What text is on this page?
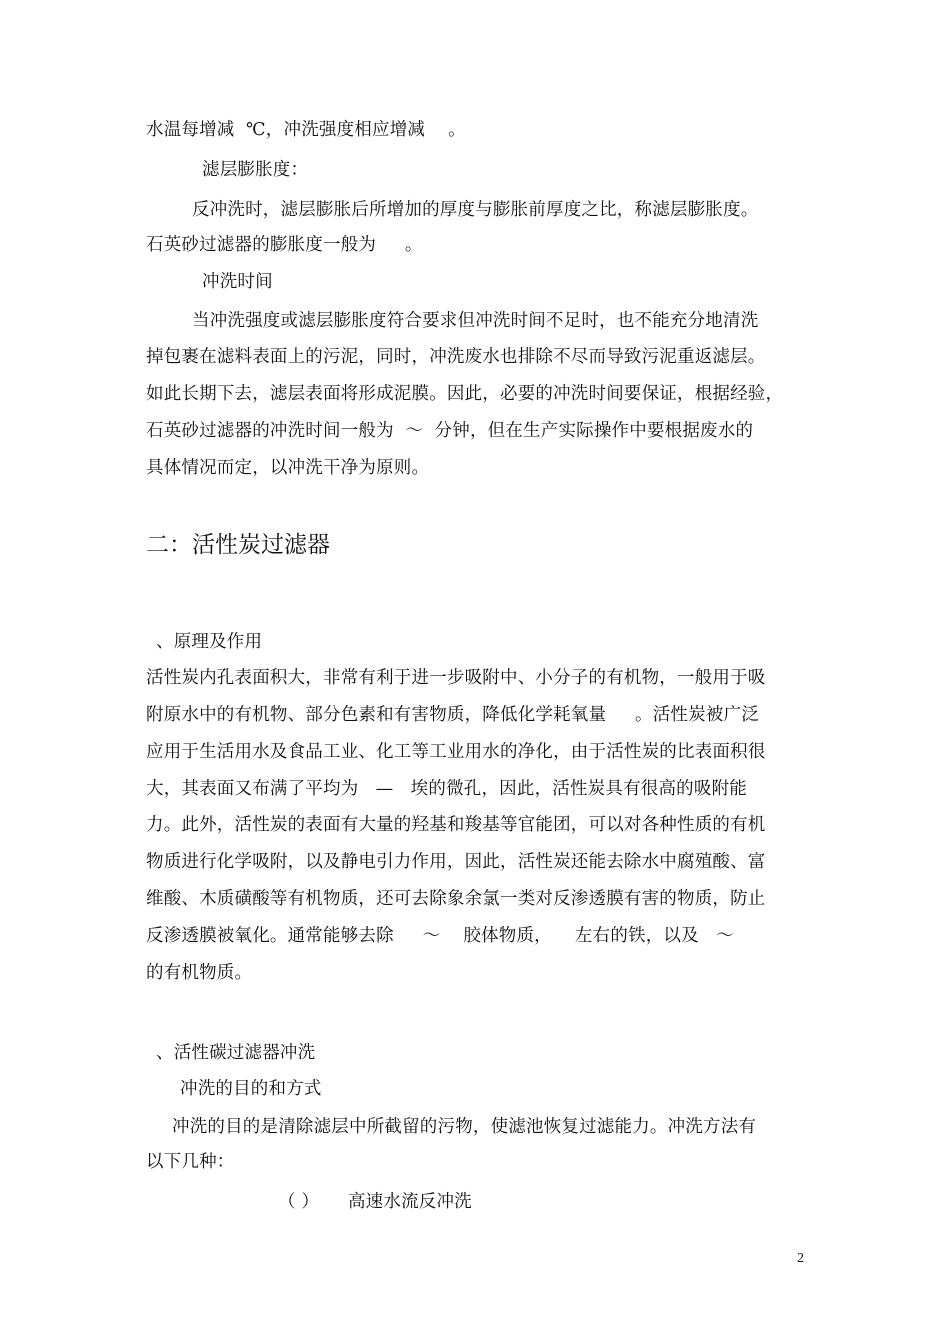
水温每增减  ℃，冲洗强度相应增减    。
滤层膨胀度：
反冲洗时，滤层膨胀后所增加的厚度与膨胀前厚度之比，称滤层膨胀度。
石英砂过滤器的膨胀度一般为     。
冲洗时间
当冲洗强度或滤层膨胀度符合要求但冲洗时间不足时，也不能充分地清洗
掉包裹在滤料表面上的污泥，同时，冲洗废水也排除不尽而导致污泥重返滤层。
如此长期下去，滤层表面将形成泥膜。因此，必要的冲洗时间要保证，根据经验，
石英砂过滤器的冲洗时间一般为  ～  分钟，但在生产实际操作中要根据废水的
具体情况而定，以冲洗干净为原则。
二：活性炭过滤器
、原理及作用
活性炭内孔表面积大，非常有利于进一步吸附中、小分子的有机物，一般用于吸
附原水中的有机物、部分色素和有害物质，降低化学耗氧量     。活性炭被广泛
应用于生活用水及食品工业、化工等工业用水的净化，由于活性炭的比表面积很
大，其表面又布满了平均为   —   埃的微孔，因此，活性炭具有很高的吸附能
力。此外，活性炭的表面有大量的羟基和羧基等官能团，可以对各种性质的有机
物质进行化学吸附，以及静电引力作用，因此，活性炭还能去除水中腐殖酸、富
维酸、木质磺酸等有机物质，还可去除象余氯一类对反渗透膜有害的物质，防止
反渗透膜被氧化。通常能够去除     ～    胶体物质，    左右的铁，以及   ～
的有机物质。
、活性碳过滤器冲洗
冲洗的目的和方式
冲洗的目的是清除滤层中所截留的污物，使滤池恢复过滤能力。冲洗方法有
以下几种：
（ ）     高速水流反冲洗
2
